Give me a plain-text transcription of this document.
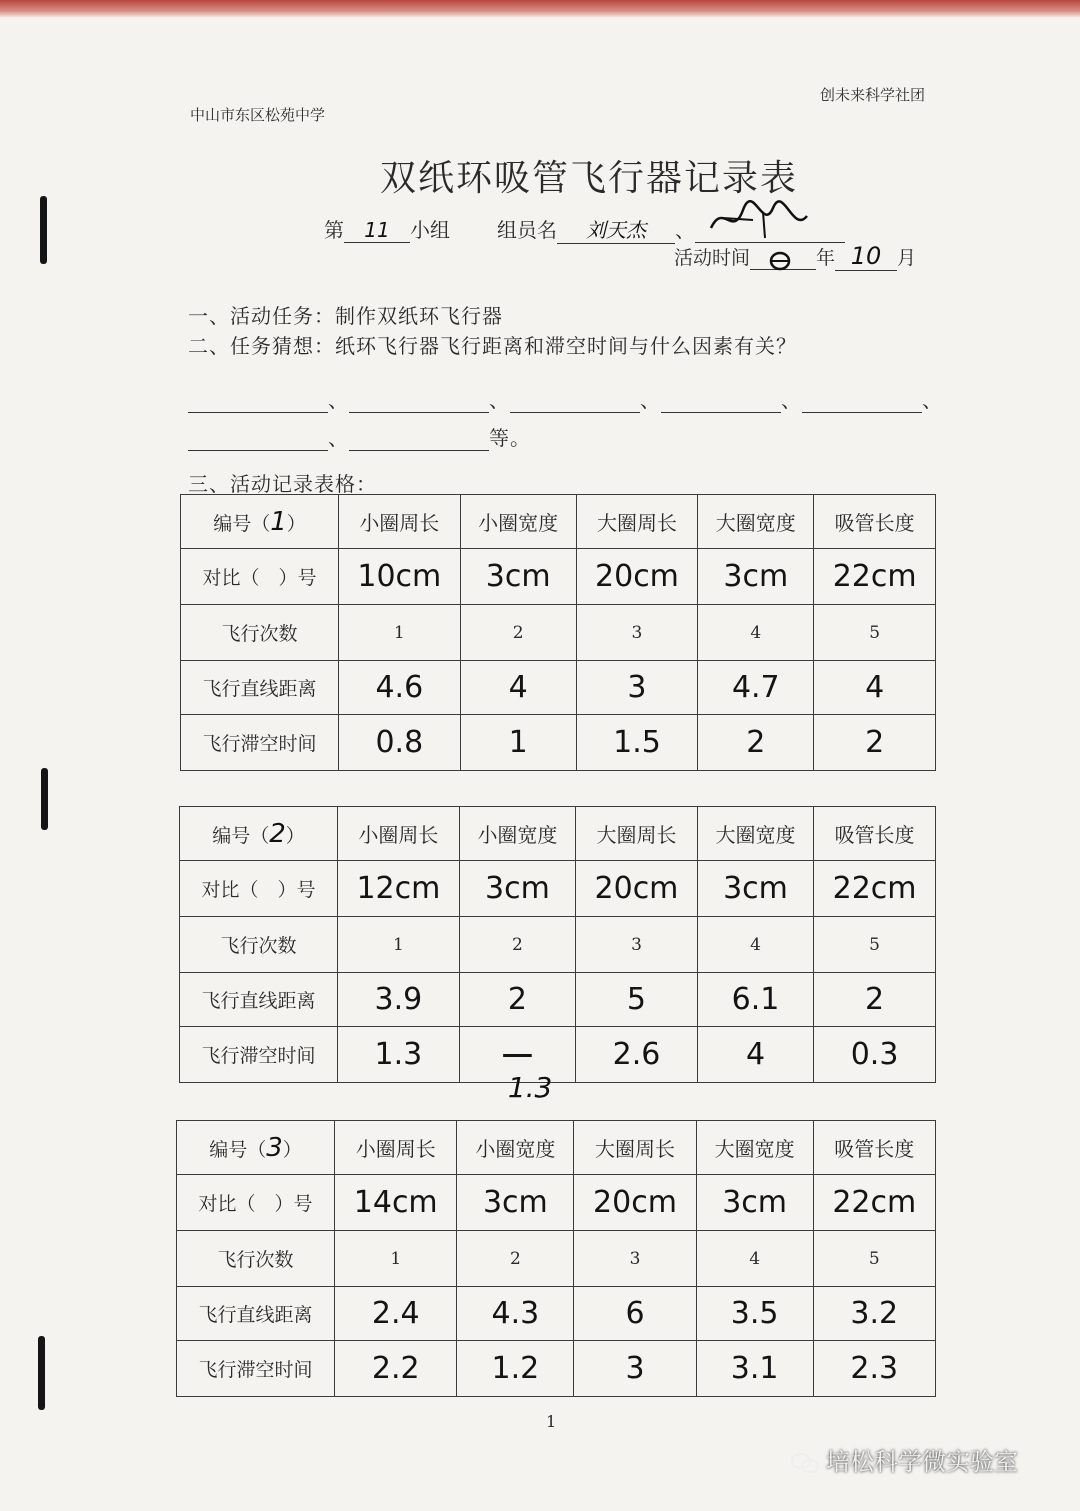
中山市东区松苑中学
创未来科学社团
双纸环吸管飞行器记录表
第 11 小组 组员名 刘天杰 、
活动时间	年 10 月
一、活动任务：制作双纸环飞行器
二、任务猜想：纸环飞行器飞行距离和滞空时间与什么因素有关？
、	、	、	、	、
、	等。
三、活动记录表格：
编号（1）	小圈周长	小圈宽度	大圈周长	大圈宽度	吸管长度
对比（　）号	10cm	3cm	20cm	3cm	22cm
飞行次数	1	2	3	4	5
飞行直线距离	4.6	4	3	4.7	4
飞行滞空时间	0.8	1	1.5	2	2
编号（2）	小圈周长	小圈宽度	大圈周长	大圈宽度	吸管长度
对比（　）号	12cm	3cm	20cm	3cm	22cm
飞行次数	1	2	3	4	5
飞行直线距离	3.9	2	5	6.1	2
飞行滞空时间	1.3	1.3	2.6	4	0.3
编号（3）	小圈周长	小圈宽度	大圈周长	大圈宽度	吸管长度
对比（　）号	14cm	3cm	20cm	3cm	22cm
飞行次数	1	2	3	4	5
飞行直线距离	2.4	4.3	6	3.5	3.2
飞行滞空时间	2.2	1.2	3	3.1	2.3
1
培松科学微实验室
